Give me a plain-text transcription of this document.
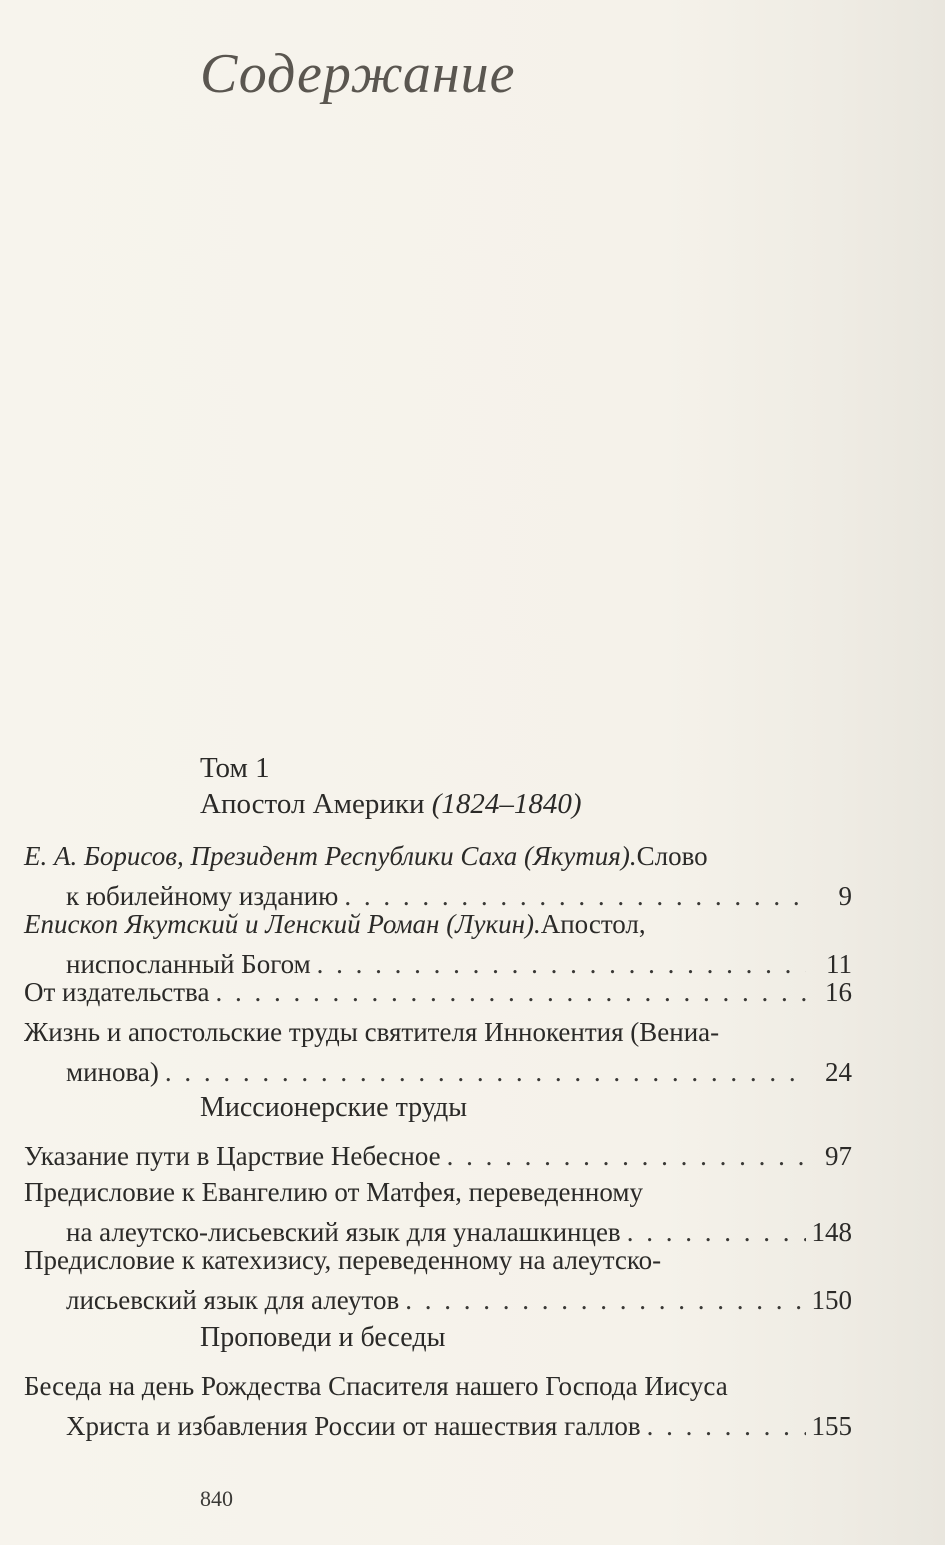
Содержание
Том 1
Апостол Америки (1824–1840)
Е. А. Борисов, Президент Республики Саха (Якутия). Слово
к юбилейному изданию . . .	9
Епископ Якутский и Ленский Роман (Лукин). Апостол,
ниспосланный Богом . . .	11
От издательства . . .	16
Жизнь и апостольские труды святителя Иннокентия (Вениа-
минова) . . .	24
Миссионерские труды
Указание пути в Царствие Небесное . . .	97
Предисловие к Евангелию от Матфея, переведенному
на алеутско-лисьевский язык для уналашкинцев . . .	148
Предисловие к катехизису, переведенному на алеутско-
лисьевский язык для алеутов . . .	150
Проповеди и беседы
Беседа на день Рождества Спасителя нашего Господа Иисуса
Христа и избавления России от нашествия галлов . . .	155
840
